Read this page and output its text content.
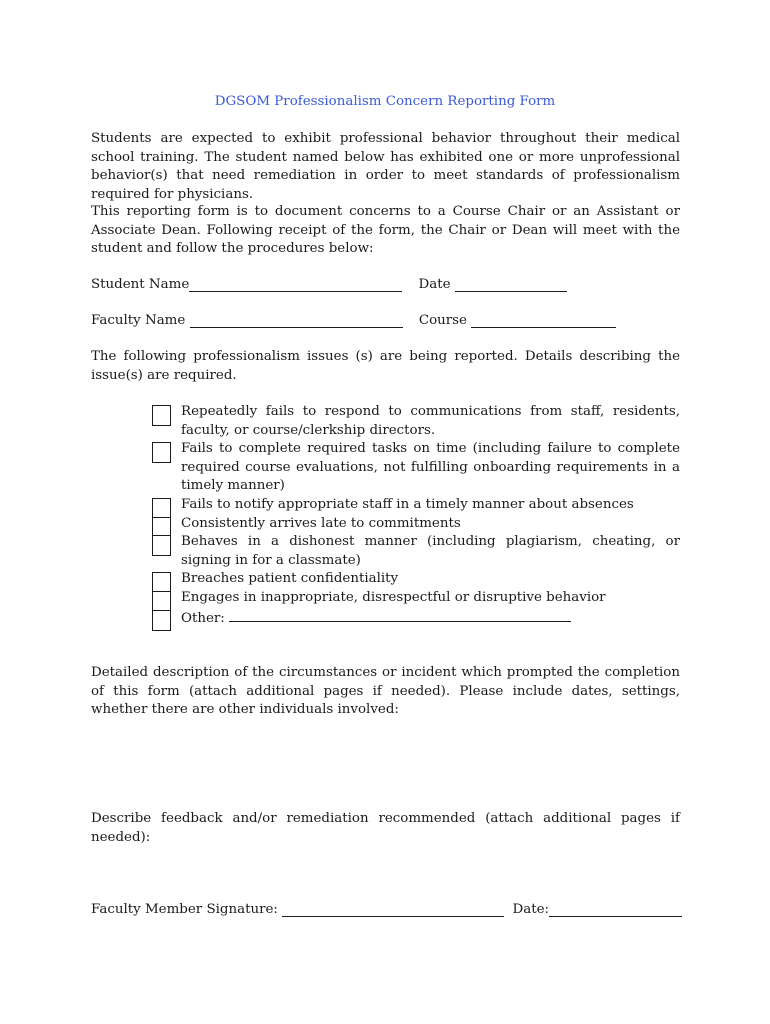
DGSOM Professionalism Concern Reporting Form

Students are expected to exhibit professional behavior throughout their medical school training. The student named below has exhibited one or more unprofessional behavior(s) that need remediation in order to meet standards of professionalism required for physicians.

This reporting form is to document concerns to a Course Chair or an Assistant or Associate Dean. Following receipt of the form, the Chair or Dean will meet with the student and follow the procedures below:

Student Name	Date
Faculty Name	Course

The following professionalism issues (s) are being reported. Details describing the issue(s) are required.

Repeatedly fails to respond to communications from staff, residents, faculty, or course/clerkship directors.
Fails to complete required tasks on time (including failure to complete required course evaluations, not fulfilling onboarding requirements in a timely manner)
Fails to notify appropriate staff in a timely manner about absences
Consistently arrives late to commitments
Behaves in a dishonest manner (including plagiarism, cheating, or signing in for a classmate)
Breaches patient confidentiality
Engages in inappropriate, disrespectful or disruptive behavior
Other:

Detailed description of the circumstances or incident which prompted the completion of this form (attach additional pages if needed). Please include dates, settings, whether there are other individuals involved:

Describe feedback and/or remediation recommended (attach additional pages if needed):

Faculty Member Signature:	Date:
